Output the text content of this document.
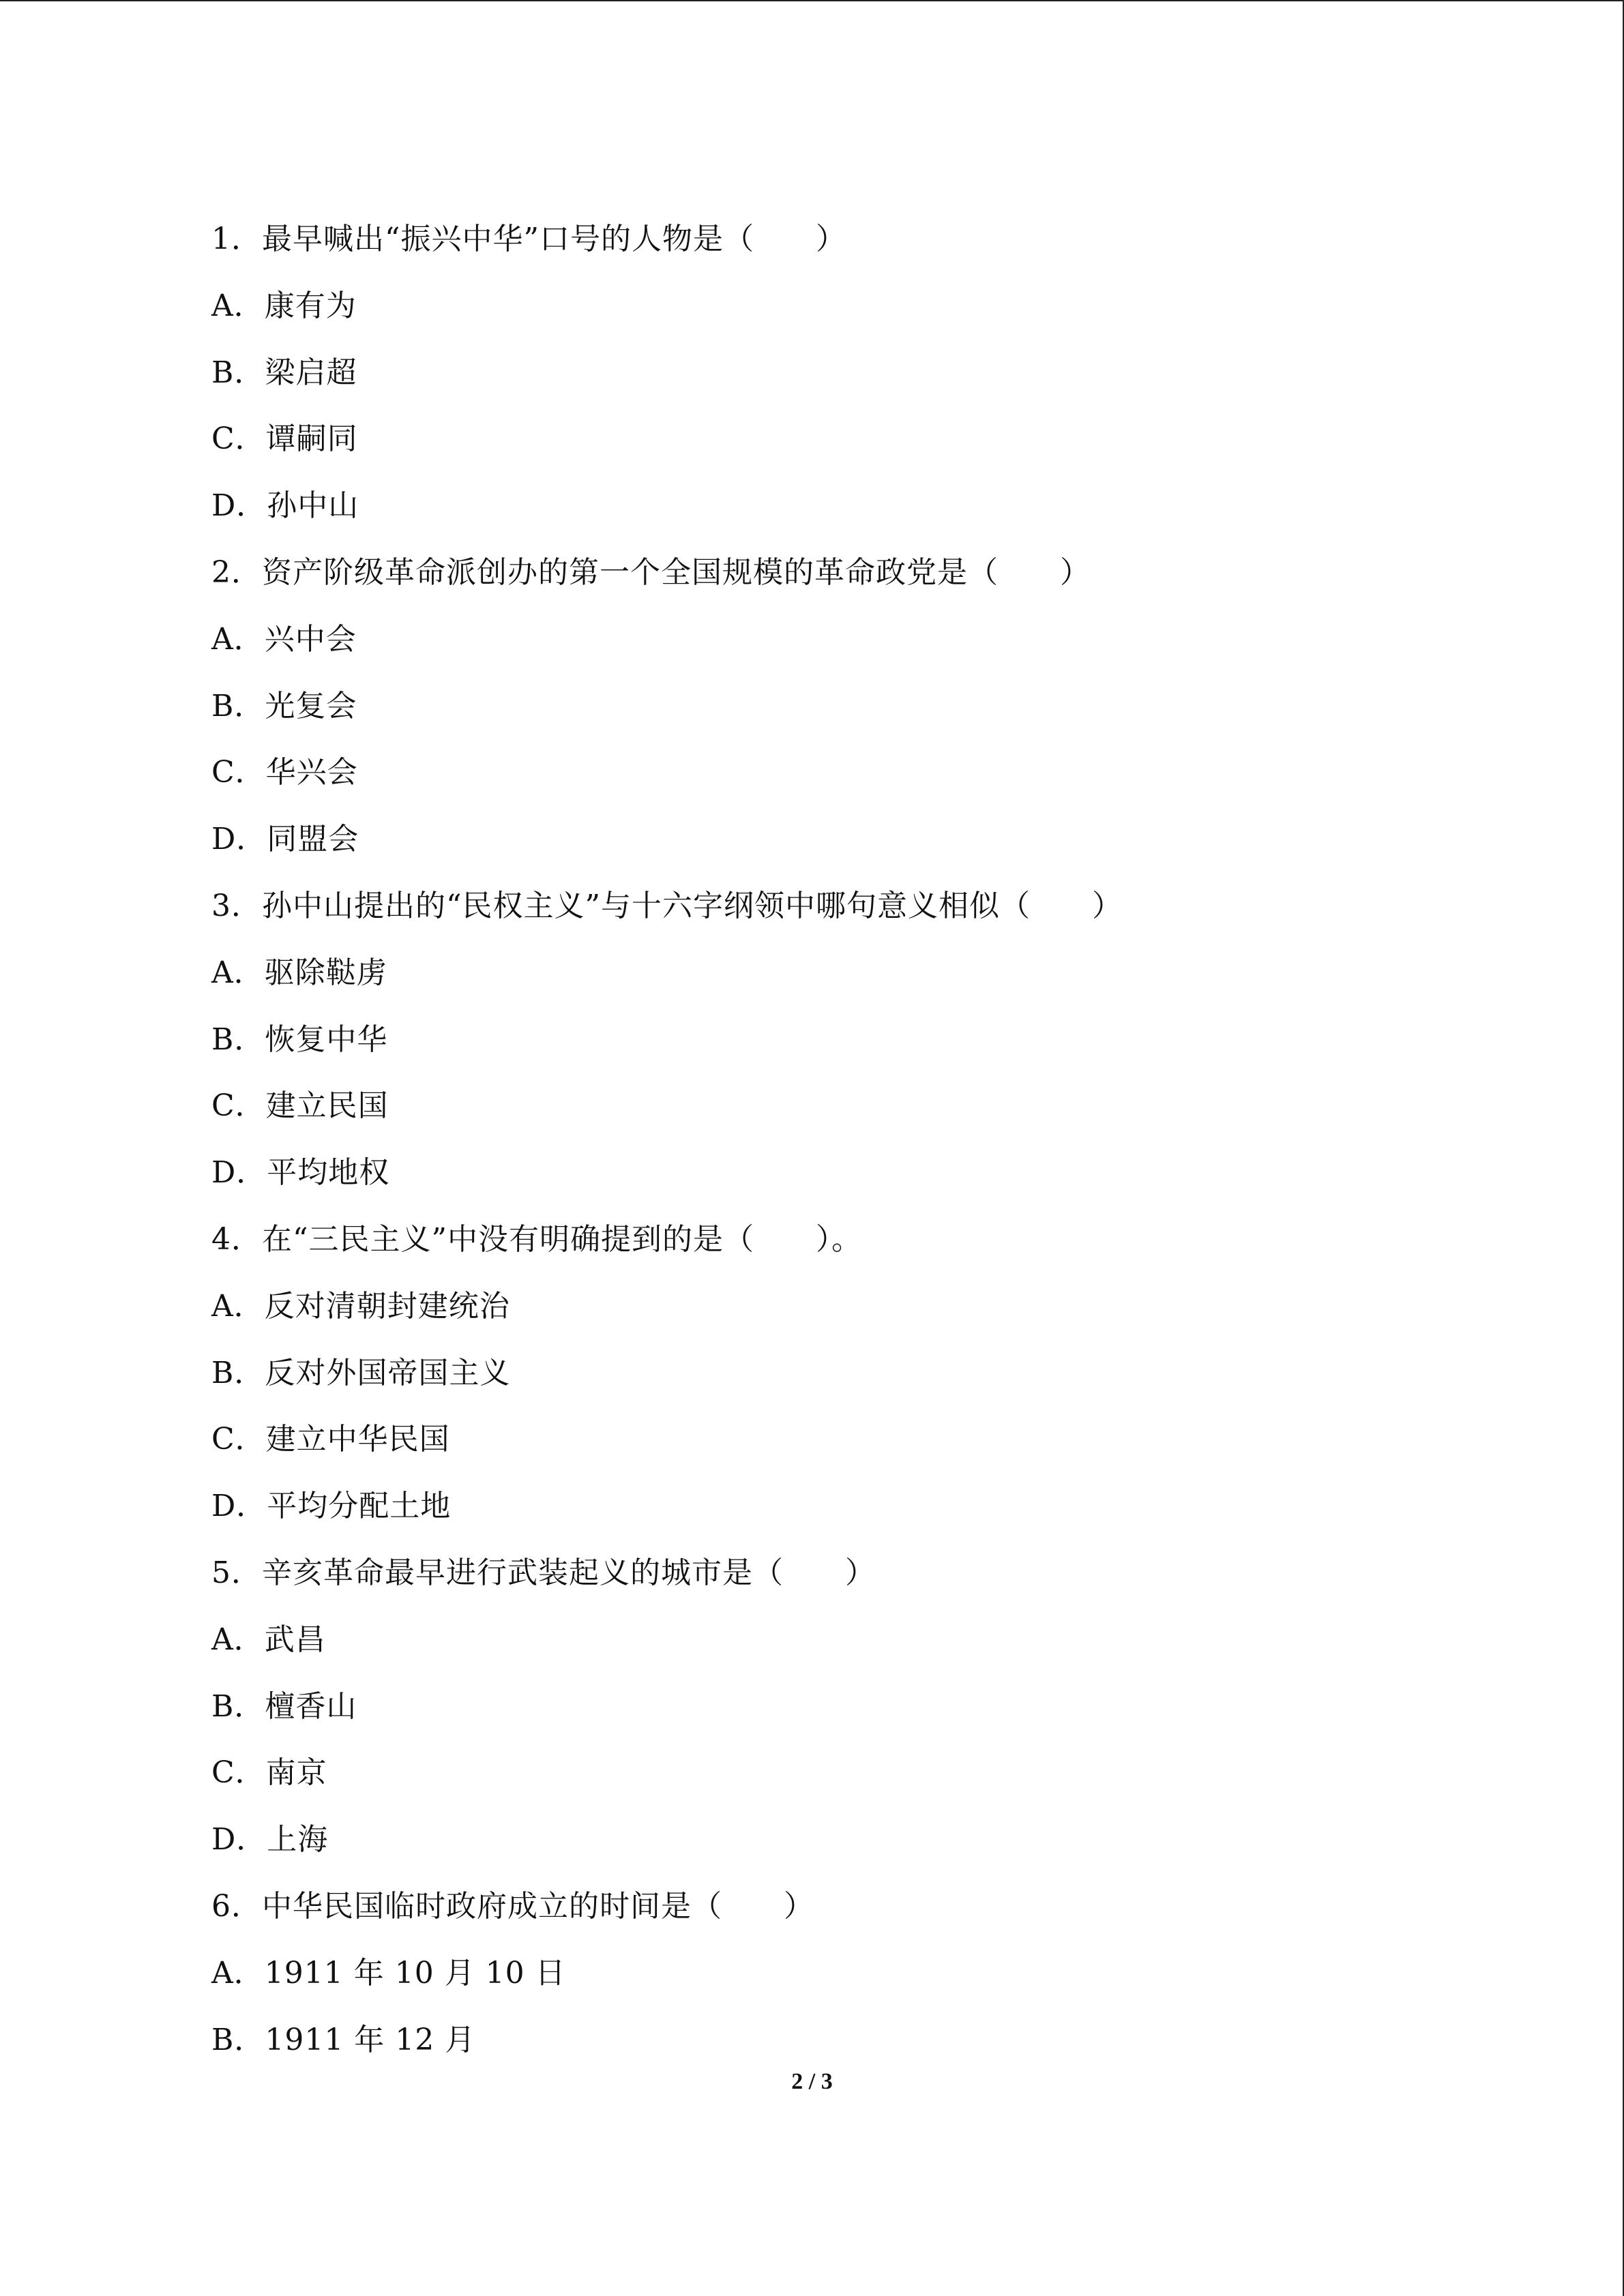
1．最早喊出“振兴中华”口号的人物是（　　）
A．康有为
B．梁启超
C．谭嗣同
D．孙中山
2．资产阶级革命派创办的第一个全国规模的革命政党是（　　）
A．兴中会
B．光复会
C．华兴会
D．同盟会
3．孙中山提出的“民权主义”与十六字纲领中哪句意义相似（　　）
A．驱除鞑虏
B．恢复中华
C．建立民国
D．平均地权
4．在“三民主义”中没有明确提到的是（　　）。
A．反对清朝封建统治
B．反对外国帝国主义
C．建立中华民国
D．平均分配土地
5．辛亥革命最早进行武装起义的城市是（　　）
A．武昌
B．檀香山
C．南京
D．上海
6．中华民国临时政府成立的时间是（　　）
A．1911 年 10 月 10 日
B．1911 年 12 月
2 / 3
